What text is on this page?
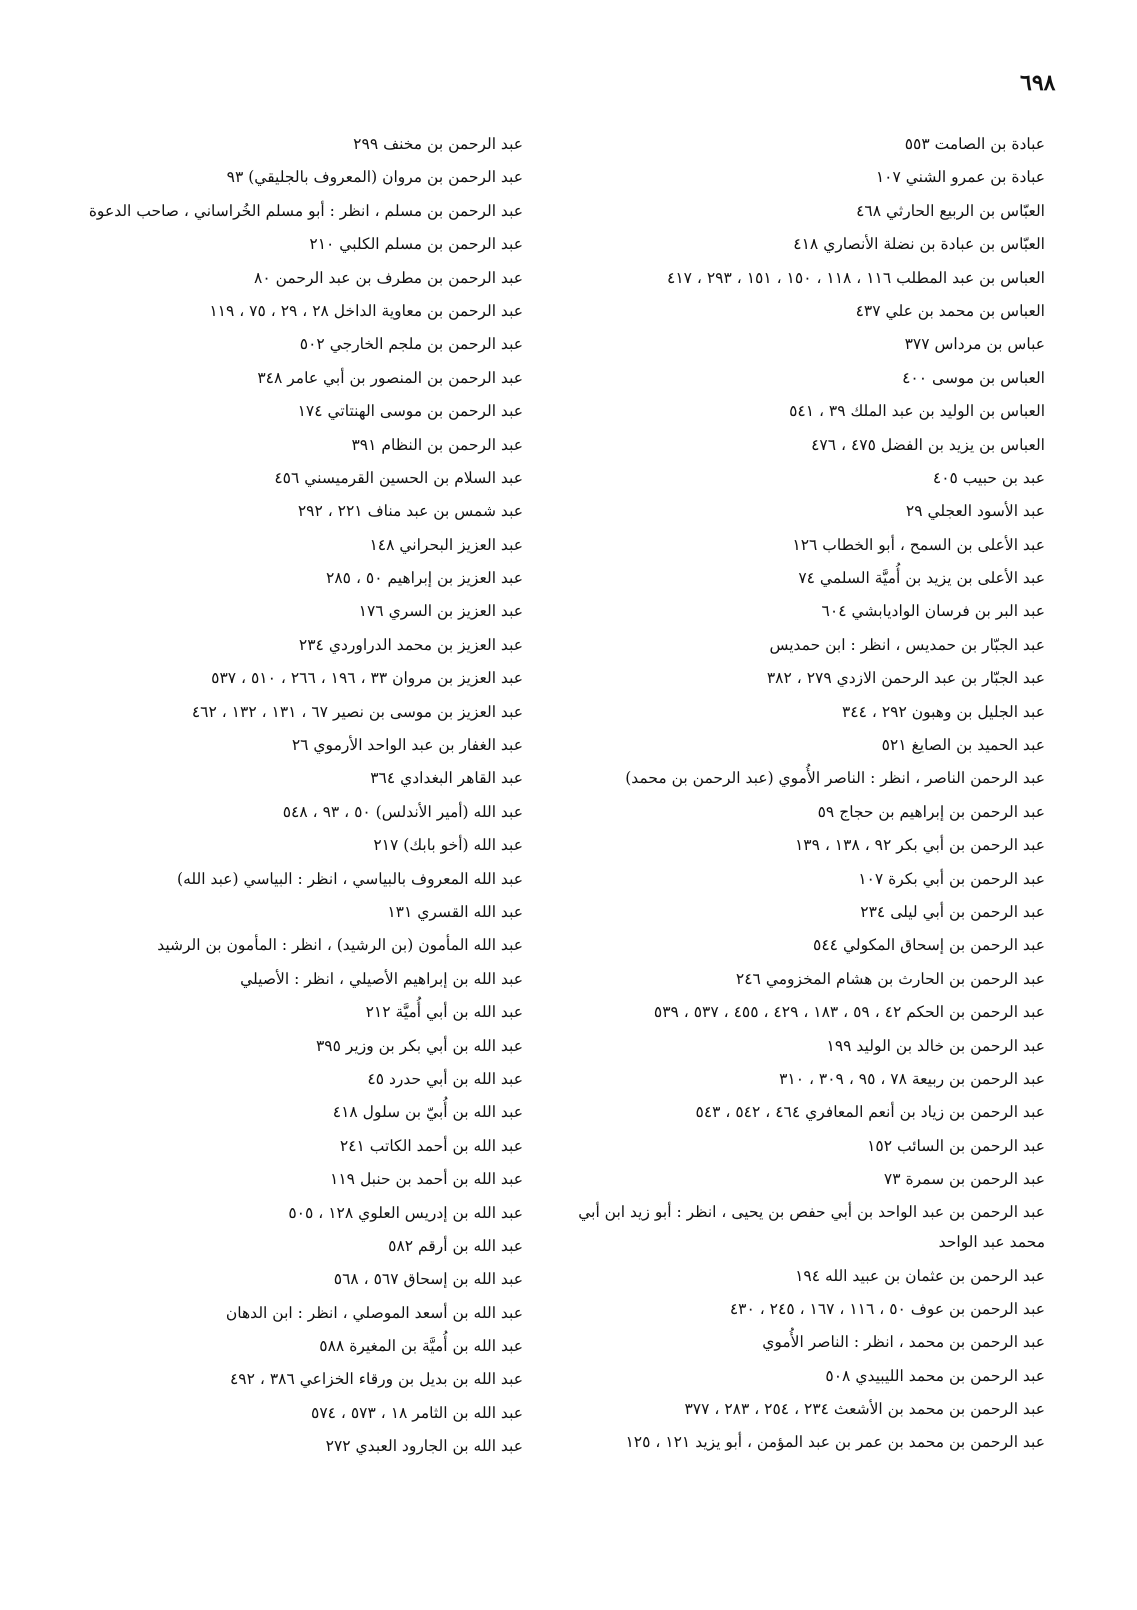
٦٩٨
عبادة بن الصامت ٥٥٣
عبادة بن عمرو الشني ١٠٧
العبّاس بن الربيع الحارثي ٤٦٨
العبّاس بن عبادة بن نضلة الأنصاري ٤١٨
العباس بن عبد المطلب ١١٦ ، ١١٨ ، ١٥٠ ، ١٥١ ، ٢٩٣ ، ٤١٧
العباس بن محمد بن علي ٤٣٧
عباس بن مرداس ٣٧٧
العباس بن موسى ٤٠٠
العباس بن الوليد بن عبد الملك ٣٩ ، ٥٤١
العباس بن يزيد بن الفضل ٤٧٥ ، ٤٧٦
عبد بن حبيب ٤٠٥
عبد الأسود العجلي ٢٩
عبد الأعلى بن السمح ، أبو الخطاب ١٢٦
عبد الأعلى بن يزيد بن أُميَّة السلمي ٧٤
عبد البر بن فرسان الواديابشي ٦٠٤
عبد الجبّار بن حمديس ، انظر : ابن حمديس
عبد الجبّار بن عبد الرحمن الازدي ٢٧٩ ، ٣٨٢
عبد الجليل بن وهبون ٢٩٢ ، ٣٤٤
عبد الحميد بن الصايغ ٥٢١
عبد الرحمن الناصر ، انظر : الناصر الأُموي (عبد الرحمن بن محمد)
عبد الرحمن بن إبراهيم بن حجاج ٥٩
عبد الرحمن بن أبي بكر ٩٢ ، ١٣٨ ، ١٣٩
عبد الرحمن بن أبي بكرة ١٠٧
عبد الرحمن بن أبي ليلى ٢٣٤
عبد الرحمن بن إسحاق المكولي ٥٤٤
عبد الرحمن بن الحارث بن هشام المخزومي ٢٤٦
عبد الرحمن بن الحكم ٤٢ ، ٥٩ ، ١٨٣ ، ٤٢٩ ، ٤٥٥ ، ٥٣٧ ، ٥٣٩
عبد الرحمن بن خالد بن الوليد ١٩٩
عبد الرحمن بن ربيعة ٧٨ ، ٩٥ ، ٣٠٩ ، ٣١٠
عبد الرحمن بن زياد بن أنعم المعافري ٤٦٤ ، ٥٤٢ ، ٥٤٣
عبد الرحمن بن السائب ١٥٢
عبد الرحمن بن سمرة ٧٣
عبد الرحمن بن عبد الواحد بن أبي حفص بن يحيى ، انظر : أبو زيد ابن أبي محمد عبد الواحد
عبد الرحمن بن عثمان بن عبيد الله ١٩٤
عبد الرحمن بن عوف ٥٠ ، ١١٦ ، ١٦٧ ، ٢٤٥ ، ٤٣٠
عبد الرحمن بن محمد ، انظر : الناصر الأُموي
عبد الرحمن بن محمد الليبيدي ٥٠٨
عبد الرحمن بن محمد بن الأشعث ٢٣٤ ، ٢٥٤ ، ٢٨٣ ، ٣٧٧
عبد الرحمن بن محمد بن عمر بن عبد المؤمن ، أبو يزيد ١٢١ ، ١٢٥
عبد الرحمن بن مخنف ٢٩٩
عبد الرحمن بن مروان (المعروف بالجليقي) ٩٣
عبد الرحمن بن مسلم ، انظر : أبو مسلم الخُراساني ، صاحب الدعوة
عبد الرحمن بن مسلم الكلبي ٢١٠
عبد الرحمن بن مطرف بن عبد الرحمن ٨٠
عبد الرحمن بن معاوية الداخل ٢٨ ، ٢٩ ، ٧٥ ، ١١٩
عبد الرحمن بن ملجم الخارجي ٥٠٢
عبد الرحمن بن المنصور بن أبي عامر ٣٤٨
عبد الرحمن بن موسى الهنتاتي ١٧٤
عبد الرحمن بن النظام ٣٩١
عبد السلام بن الحسين القرميسني ٤٥٦
عبد شمس بن عبد مناف ٢٢١ ، ٢٩٢
عبد العزيز البحراني ١٤٨
عبد العزيز بن إبراهيم ٥٠ ، ٢٨٥
عبد العزيز بن السري ١٧٦
عبد العزيز بن محمد الدراوردي ٢٣٤
عبد العزيز بن مروان ٣٣ ، ١٩٦ ، ٢٦٦ ، ٥١٠ ، ٥٣٧
عبد العزيز بن موسى بن نصير ٦٧ ، ١٣١ ، ١٣٢ ، ٤٦٢
عبد الغفار بن عبد الواحد الأرموي ٢٦
عبد القاهر البغدادي ٣٦٤
عبد الله (أمير الأندلس) ٥٠ ، ٩٣ ، ٥٤٨
عبد الله (أخو بابك) ٢١٧
عبد الله المعروف بالبياسي ، انظر : البياسي (عبد الله)
عبد الله القسري ١٣١
عبد الله المأمون (بن الرشيد) ، انظر : المأمون بن الرشيد
عبد الله بن إبراهيم الأصيلي ، انظر : الأصيلي
عبد الله بن أبي أُميَّة ٢١٢
عبد الله بن أبي بكر بن وزير ٣٩٥
عبد الله بن أبي حدرد ٤٥
عبد الله بن أُبيّ بن سلول ٤١٨
عبد الله بن أحمد الكاتب ٢٤١
عبد الله بن أحمد بن حنبل ١١٩
عبد الله بن إدريس العلوي ١٢٨ ، ٥٠٥
عبد الله بن أرقم ٥٨٢
عبد الله بن إسحاق ٥٦٧ ، ٥٦٨
عبد الله بن أسعد الموصلي ، انظر : ابن الدهان
عبد الله بن أُميَّة بن المغيرة ٥٨٨
عبد الله بن بديل بن ورقاء الخزاعي ٣٨٦ ، ٤٩٢
عبد الله بن الثامر ١٨ ، ٥٧٣ ، ٥٧٤
عبد الله بن الجارود العبدي ٢٧٢
